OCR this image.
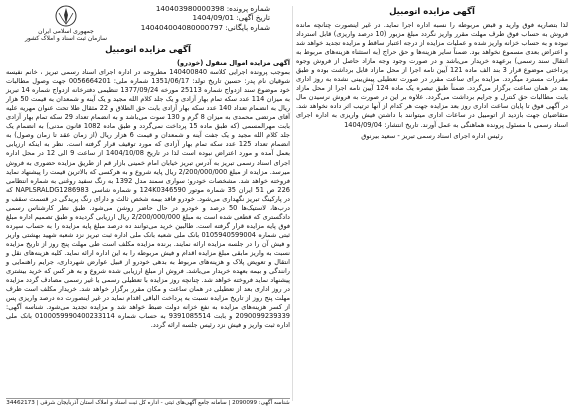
جمهوری اسلامی ایران
سازمان ثبت اسناد و املاک کشور
شماره پرونده: 140403980000398
تاریخ آگهی: 1404/09/01
شماره بایگانی: 140404004080000797

آگهی مزایده اتومبیل

لذا بتصاریه فوق وارید و قبض مربوطه را نسبه اداره اجرا نماید. در غیر اینصورت چنانچه مانده فروش به حساب فوق طرف مهلت مقرر واریز نگردد مبلغ مزبور (10 درصد واریزی) قابل استرداد نبوده و به حساب خزانه واریز شده و عملیات مزایده از درجه اعتبار ساقط و مزایده تجدید خواهد شد و اعتراض بعدی مسموع نخواهد بود. ضمناً سایر هزینه‌ها و حق حراج (به استثناء هزینه‌های مربوط به انتقال سند رسمی) برعهده خریدار می‌باشد و در صورت وجود وجه مازاد حاصل از فروش وجوه پرداختی موضوع قرار 3 بند الف ماده 121 آیین نامه اجرا از محل مازاد قابل برداشت بوده و طبق مقررات مسترد میگردد. مزایده برای ساعت مقرر در صورت تعطیلی پیش‌بینی نشده به روز اداری بعد در همان ساعت برگزار می‌گردد. ضمناً طبق تبصره یک ماده 124 آیین نامه اجرا از محل مازاد بابت مطالبات حق کنترل و جرایم برداشت می‌گردد. علاوه بر این در صورت به فروش نرسیدن مال در آگهی فوق تا پایان ساعت اداری روز بعد مزایده جهت هر کدام از آنها ترتیب اثر داده نخواهد شد. متقاضیان جهت بازدید از اتومبیل در ساعات اداری میتوانند با داشتن فیش واریزی به اداره اجرای اسناد رسمی با مسئول پرونده هماهنگی به عمل آورند. تاریخ انتشار: 1404/09/04

رئیس اداره اجرای اسناد رسمی تبریز - سعید بیرنوق

آگهی مزایده اتومبیل

آگهی مزایده اموال منقول (خودرو)

بموجب پرونده اجرایی کلاسه 140400840 مطروحه در اداره اجرای اسناد رسمی تبریز ، خانم نفیسه شوقیان نام پدر: حسین تاریخ تولد: 1351/06/17 شماره ملی: 0056664201 جهت وصول مطالبات خود موضوع سند ازدواج شماره 25113 مورخه 1377/09/24 تنظیمی دفترخانه ازدواج شماره 14 تبریز به میزان 114 عدد سکه تمام بهار آزادی و یک جلد کلام الله مجید و یک آینه و شمعدان به قیمت 50 هزار ریال به انضمام تعداد 140 عدد سکه بهار آزادی بابت حق الطلاق و 22 مثقال طلا تحت عنوان مهریه علیه آقای مرتضی محمدی به میزان 8 گرم و 130 سوت می‌باشد و به انضمام تعداد 29 سکه تمام بهار آزادی بابت مهرالمسمی (که طبق ماده 15 پرداخت نمی‌گردد و طبق ماده 1082 قانون مدنی) به انضمام یک جلد کلام الله مجید و یک جفت آینه و شمعدان و قیمت 6 هزار ریال (از زمان عقد تا زمان وصول) به انضمام تعداد 125 عدد سکه تمام بهار آزادی که مورد توقیف قرار گرفته است. نظر به اینکه ارزیابی بعمل آمده و مورد اعتراض نبوده است لذا در تاریخ 1404/10/08 از ساعت 9 الی 12 در محل اداره اجرای اسناد رسمی تبریز به آدرس تبریز خیابان امام خمینی بازار قم از طریق مزایده حضوری به فروش میرسد. مزایده از مبلغ 2/200/000/000 ریال پایه شروع و به هرکسی که بالاترین قیمت را پیشنهاد نماید فروخته خواهد شد. مشخصات خودرو: سواری سمند مدل 1392 به رنگ سفید روغنی به شماره انتظامی 226 ص 51 ایران 35 شماره موتور 124K0346590 و شماره شاسی NAPLSRALDG1286983 که در پارکینگ تبریز نگهداری می‌شود. خودرو فاقد بیمه شخص ثالث و دارای رنگ پریدگی در قسمت سقف و درب‌ها، لاستیک‌ها 50 درصد و خودرو در حال حاضر روشن می‌شود. طبق نظر کارشناس رسمی دادگستری که قطعی شده است به مبلغ 2/200/000/000 ریال ارزیابی گردیده و طبق تصمیم اداره مبلغ فوق پایه مزایده قرار گرفته است. طالبین خرید می‌توانند ده درصد مبلغ پایه مزایده را به حساب سپرده ثبتی شماره 0105940599004 بانک ملی شعبه بانک ملی اداره ثبت تبریز نزد شعبه شهید بهشتی واریز و فیش آن را در جلسه مزایده ارائه نمایند. برنده مزایده مکلف است طی مهلت پنج روز از تاریخ مزایده نسبت به واریز مابقی مبلغ مزایده اقدام و فیش مربوطه را به این اداره ارائه نماید. کلیه هزینه‌های نقل و انتقال و تعویض پلاک و هزینه‌های مربوط به بدهی خودرو از قبیل عوارض شهرداری، جرایم راهنمایی و رانندگی و بیمه بعهده خریدار می‌باشد. فروش از مبلغ ارزیابی شده شروع و به هر کس که خرید بیشتری پیشنهاد نماید فروخته خواهد شد. چنانچه روز مزایده با تعطیلی رسمی یا غیر رسمی مصادف گردد مزایده در روز اداری بعد از تعطیلی در همان ساعت و مکان مقرر برگزار خواهد شد. خریدار مکلف است ظرف مهلت پنج روز از تاریخ مزایده نسبت به پرداخت الباقی اقدام نماید در غیر اینصورت ده درصد واریزی پس از کسر هزینه‌های مزایده به نفع خزانه دولت ضبط خواهد شد و مزایده تجدید می‌شود. شناسه آگهی: 2090099239339 و بابت 9391085514 به حساب شماره 0100059990400233114 بانک ملی اداره ثبت واریز و فیش نزد رئیس جلسه ارائه گردد.

شناسه آگهی: 2090099 | سامانه جامع آگهی‌های ثبتی - اداره کل ثبت اسناد و املاک استان آذربایجان شرقی | 34462173
